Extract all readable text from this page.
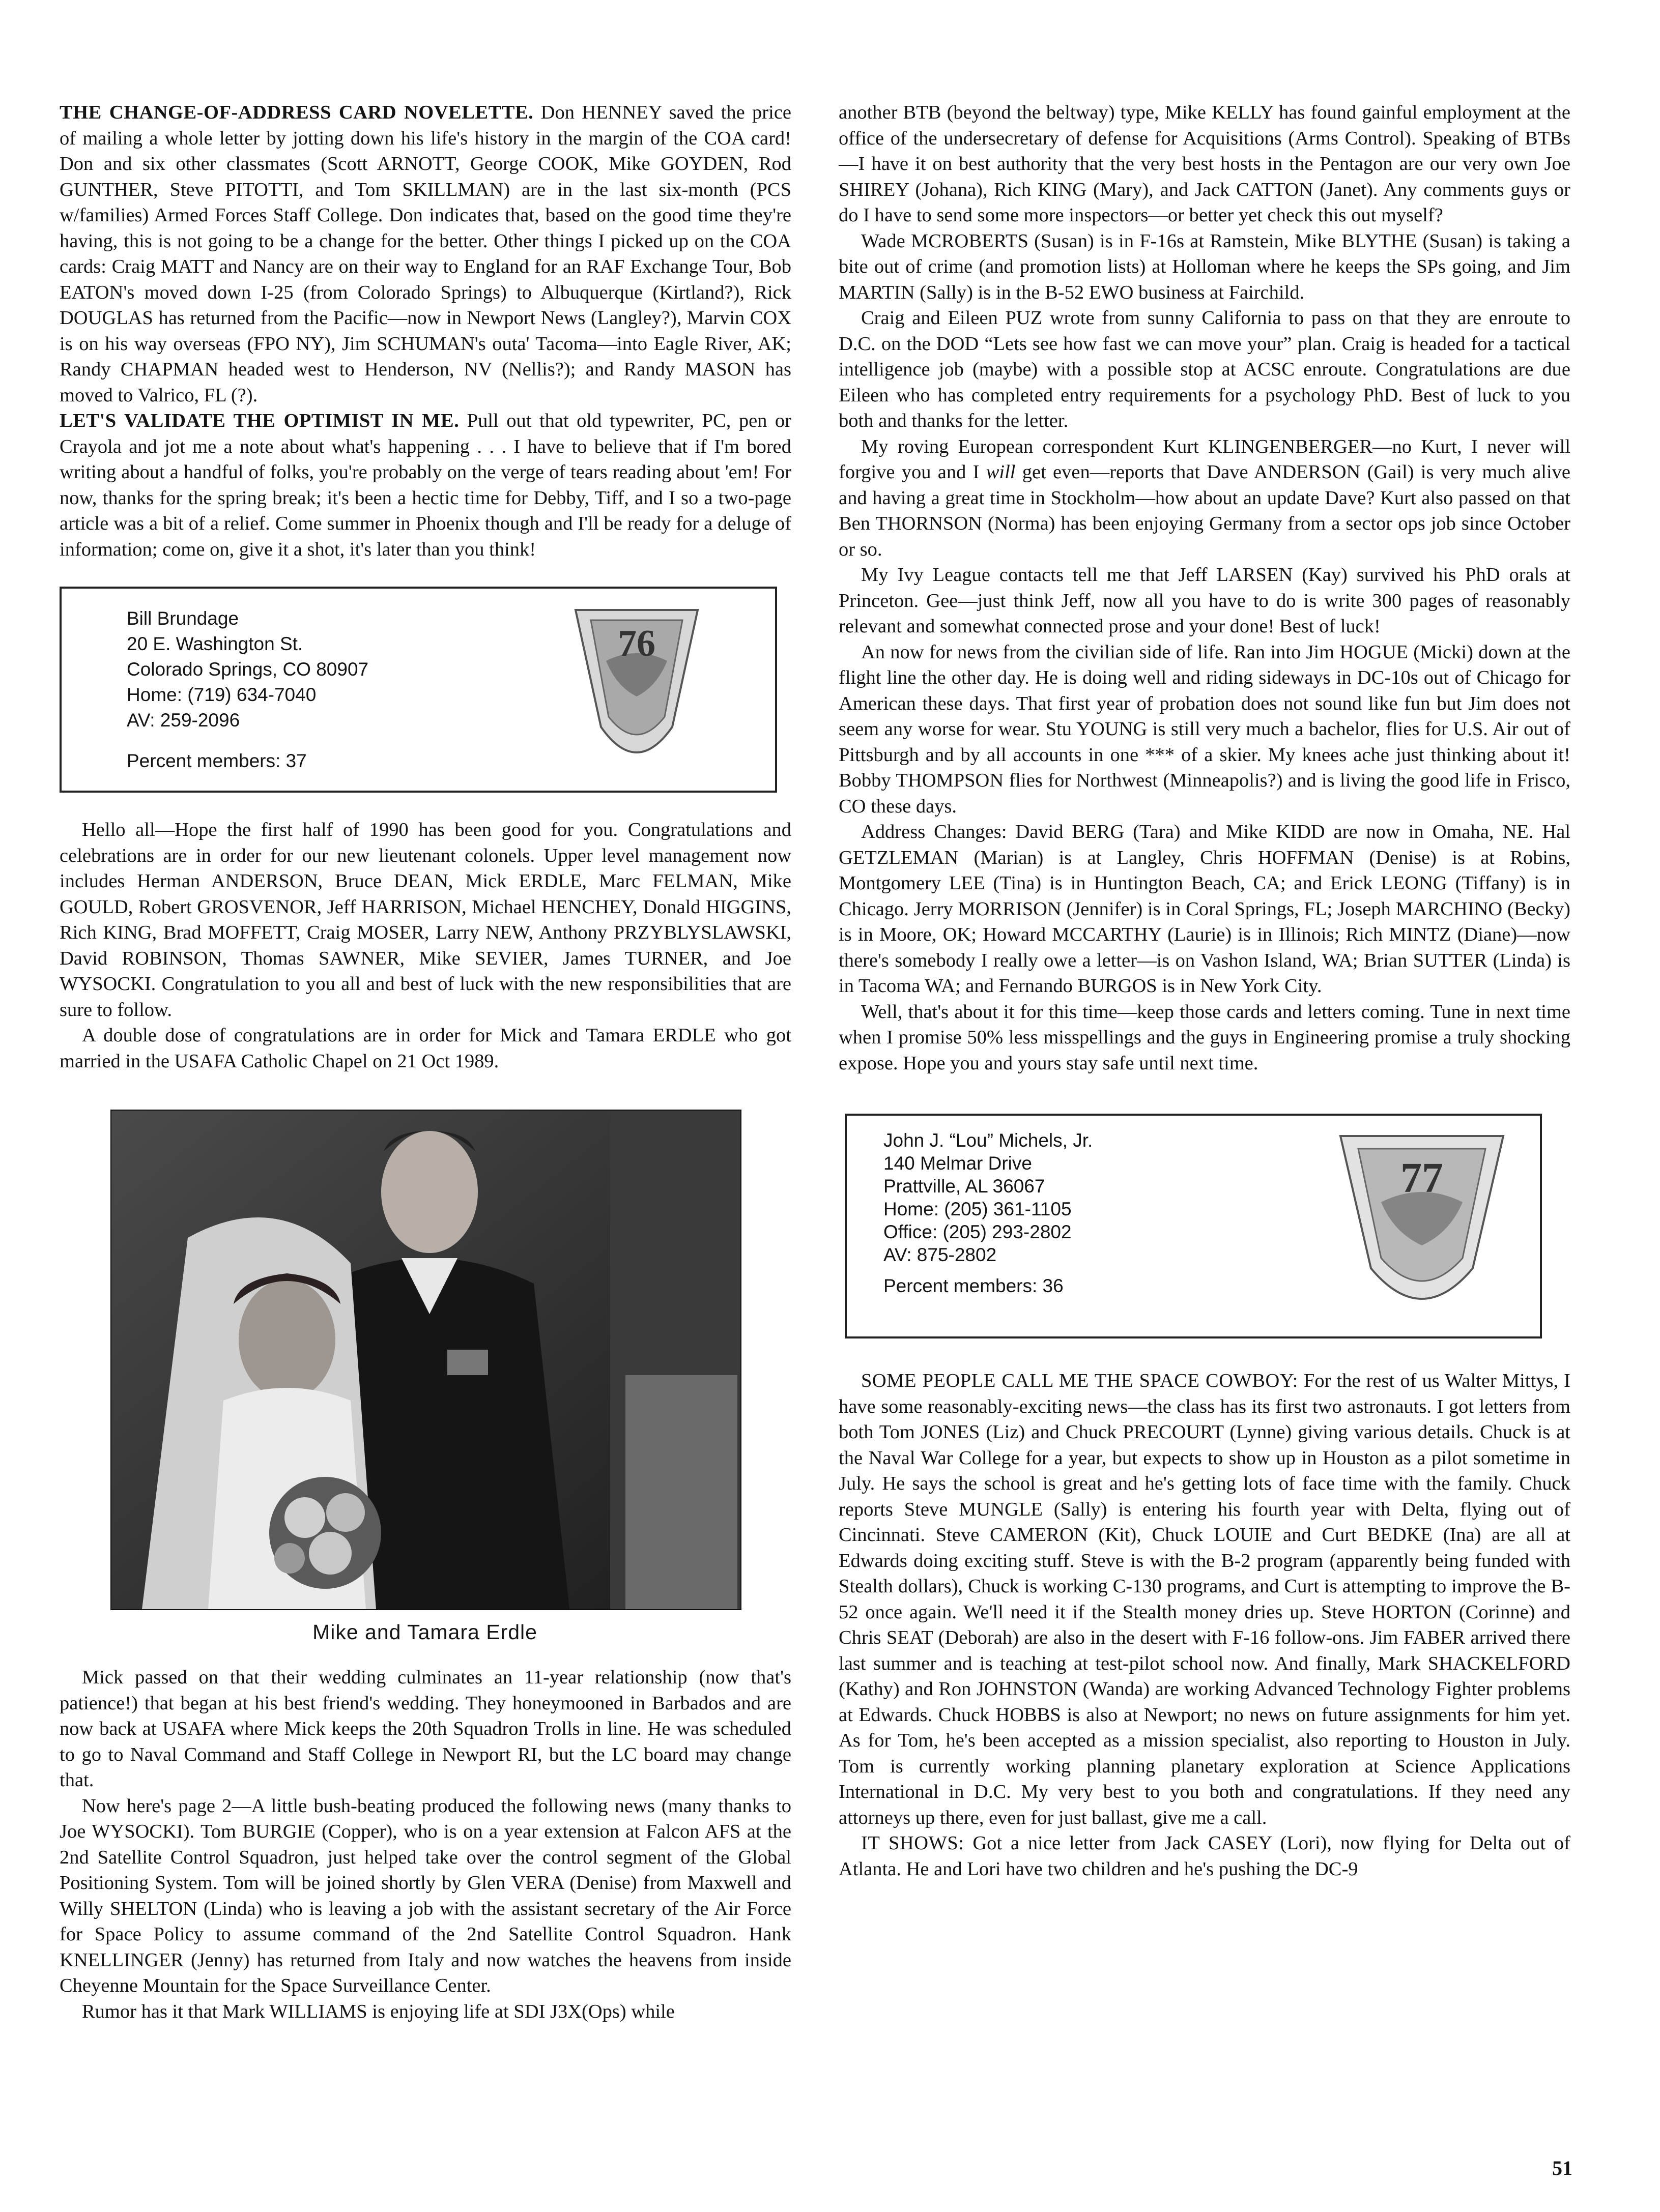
THE CHANGE-OF-ADDRESS CARD NOVELETTE. Don HENNEY saved the price of mailing a whole letter by jotting down his life's history in the margin of the COA card! Don and six other classmates (Scott ARNOTT, George COOK, Mike GOYDEN, Rod GUNTHER, Steve PITOTTI, and Tom SKILLMAN) are in the last six-month (PCS w/families) Armed Forces Staff College. Don indicates that, based on the good time they're having, this is not going to be a change for the better. Other things I picked up on the COA cards: Craig MATT and Nancy are on their way to England for an RAF Exchange Tour, Bob EATON's moved down I-25 (from Colorado Springs) to Albuquerque (Kirtland?), Rick DOUGLAS has returned from the Pacific—now in Newport News (Langley?), Marvin COX is on his way overseas (FPO NY), Jim SCHUMAN's outa' Tacoma—into Eagle River, AK; Randy CHAPMAN headed west to Henderson, NV (Nellis?); and Randy MASON has moved to Valrico, FL (?).

LET'S VALIDATE THE OPTIMIST IN ME. Pull out that old typewriter, PC, pen or Crayola and jot me a note about what's happening . . . I have to believe that if I'm bored writing about a handful of folks, you're probably on the verge of tears reading about 'em! For now, thanks for the spring break; it's been a hectic time for Debby, Tiff, and I so a two-page article was a bit of a relief. Come summer in Phoenix though and I'll be ready for a deluge of information; come on, give it a shot, it's later than you think!

Bill Brundage
20 E. Washington St.
Colorado Springs, CO 80907
Home: (719) 634-7040
AV: 259-2096
Percent members: 37
76

Hello all—Hope the first half of 1990 has been good for you. Congratulations and celebrations are in order for our new lieutenant colonels. Upper level management now includes Herman ANDERSON, Bruce DEAN, Mick ERDLE, Marc FELMAN, Mike GOULD, Robert GROSVENOR, Jeff HARRISON, Michael HENCHEY, Donald HIGGINS, Rich KING, Brad MOFFETT, Craig MOSER, Larry NEW, Anthony PRZYBLYSLAWSKI, David ROBINSON, Thomas SAWNER, Mike SEVIER, James TURNER, and Joe WYSOCKI. Congratulation to you all and best of luck with the new responsibilities that are sure to follow.

A double dose of congratulations are in order for Mick and Tamara ERDLE who got married in the USAFA Catholic Chapel on 21 Oct 1989.

Mike and Tamara Erdle

Mick passed on that their wedding culminates an 11-year relationship (now that's patience!) that began at his best friend's wedding. They honeymooned in Barbados and are now back at USAFA where Mick keeps the 20th Squadron Trolls in line. He was scheduled to go to Naval Command and Staff College in Newport RI, but the LC board may change that.

Now here's page 2—A little bush-beating produced the following news (many thanks to Joe WYSOCKI). Tom BURGIE (Copper), who is on a year extension at Falcon AFS at the 2nd Satellite Control Squadron, just helped take over the control segment of the Global Positioning System. Tom will be joined shortly by Glen VERA (Denise) from Maxwell and Willy SHELTON (Linda) who is leaving a job with the assistant secretary of the Air Force for Space Policy to assume command of the 2nd Satellite Control Squadron. Hank KNELLINGER (Jenny) has returned from Italy and now watches the heavens from inside Cheyenne Mountain for the Space Surveillance Center.

Rumor has it that Mark WILLIAMS is enjoying life at SDI J3X(Ops) while

another BTB (beyond the beltway) type, Mike KELLY has found gainful employment at the office of the undersecretary of defense for Acquisitions (Arms Control). Speaking of BTBs—I have it on best authority that the very best hosts in the Pentagon are our very own Joe SHIREY (Johana), Rich KING (Mary), and Jack CATTON (Janet). Any comments guys or do I have to send some more inspectors—or better yet check this out myself?

Wade MCROBERTS (Susan) is in F-16s at Ramstein, Mike BLYTHE (Susan) is taking a bite out of crime (and promotion lists) at Holloman where he keeps the SPs going, and Jim MARTIN (Sally) is in the B-52 EWO business at Fairchild.

Craig and Eileen PUZ wrote from sunny California to pass on that they are enroute to D.C. on the DOD “Lets see how fast we can move your” plan. Craig is headed for a tactical intelligence job (maybe) with a possible stop at ACSC enroute. Congratulations are due Eileen who has completed entry requirements for a psychology PhD. Best of luck to you both and thanks for the letter.

My roving European correspondent Kurt KLINGENBERGER—no Kurt, I never will forgive you and I will get even—reports that Dave ANDERSON (Gail) is very much alive and having a great time in Stockholm—how about an update Dave? Kurt also passed on that Ben THORNSON (Norma) has been enjoying Germany from a sector ops job since October or so.

My Ivy League contacts tell me that Jeff LARSEN (Kay) survived his PhD orals at Princeton. Gee—just think Jeff, now all you have to do is write 300 pages of reasonably relevant and somewhat connected prose and your done! Best of luck!

An now for news from the civilian side of life. Ran into Jim HOGUE (Micki) down at the flight line the other day. He is doing well and riding sideways in DC-10s out of Chicago for American these days. That first year of probation does not sound like fun but Jim does not seem any worse for wear. Stu YOUNG is still very much a bachelor, flies for U.S. Air out of Pittsburgh and by all accounts in one *** of a skier. My knees ache just thinking about it! Bobby THOMPSON flies for Northwest (Minneapolis?) and is living the good life in Frisco, CO these days.

Address Changes: David BERG (Tara) and Mike KIDD are now in Omaha, NE. Hal GETZLEMAN (Marian) is at Langley, Chris HOFFMAN (Denise) is at Robins, Montgomery LEE (Tina) is in Huntington Beach, CA; and Erick LEONG (Tiffany) is in Chicago. Jerry MORRISON (Jennifer) is in Coral Springs, FL; Joseph MARCHINO (Becky) is in Moore, OK; Howard MCCARTHY (Laurie) is in Illinois; Rich MINTZ (Diane)—now there's somebody I really owe a letter—is on Vashon Island, WA; Brian SUTTER (Linda) is in Tacoma WA; and Fernando BURGOS is in New York City.

Well, that's about it for this time—keep those cards and letters coming. Tune in next time when I promise 50% less misspellings and the guys in Engineering promise a truly shocking expose. Hope you and yours stay safe until next time.

John J. “Lou” Michels, Jr.
140 Melmar Drive
Prattville, AL 36067
Home: (205) 361-1105
Office: (205) 293-2802
AV: 875-2802
Percent members: 36
77

SOME PEOPLE CALL ME THE SPACE COWBOY: For the rest of us Walter Mittys, I have some reasonably-exciting news—the class has its first two astronauts. I got letters from both Tom JONES (Liz) and Chuck PRECOURT (Lynne) giving various details. Chuck is at the Naval War College for a year, but expects to show up in Houston as a pilot sometime in July. He says the school is great and he's getting lots of face time with the family. Chuck reports Steve MUNGLE (Sally) is entering his fourth year with Delta, flying out of Cincinnati. Steve CAMERON (Kit), Chuck LOUIE and Curt BEDKE (Ina) are all at Edwards doing exciting stuff. Steve is with the B-2 program (apparently being funded with Stealth dollars), Chuck is working C-130 programs, and Curt is attempting to improve the B-52 once again. We'll need it if the Stealth money dries up. Steve HORTON (Corinne) and Chris SEAT (Deborah) are also in the desert with F-16 follow-ons. Jim FABER arrived there last summer and is teaching at test-pilot school now. And finally, Mark SHACKELFORD (Kathy) and Ron JOHNSTON (Wanda) are working Advanced Technology Fighter problems at Edwards. Chuck HOBBS is also at Newport; no news on future assignments for him yet. As for Tom, he's been accepted as a mission specialist, also reporting to Houston in July. Tom is currently working planning planetary exploration at Science Applications International in D.C. My very best to you both and congratulations. If they need any attorneys up there, even for just ballast, give me a call.

IT SHOWS: Got a nice letter from Jack CASEY (Lori), now flying for Delta out of Atlanta. He and Lori have two children and he's pushing the DC-9

51
